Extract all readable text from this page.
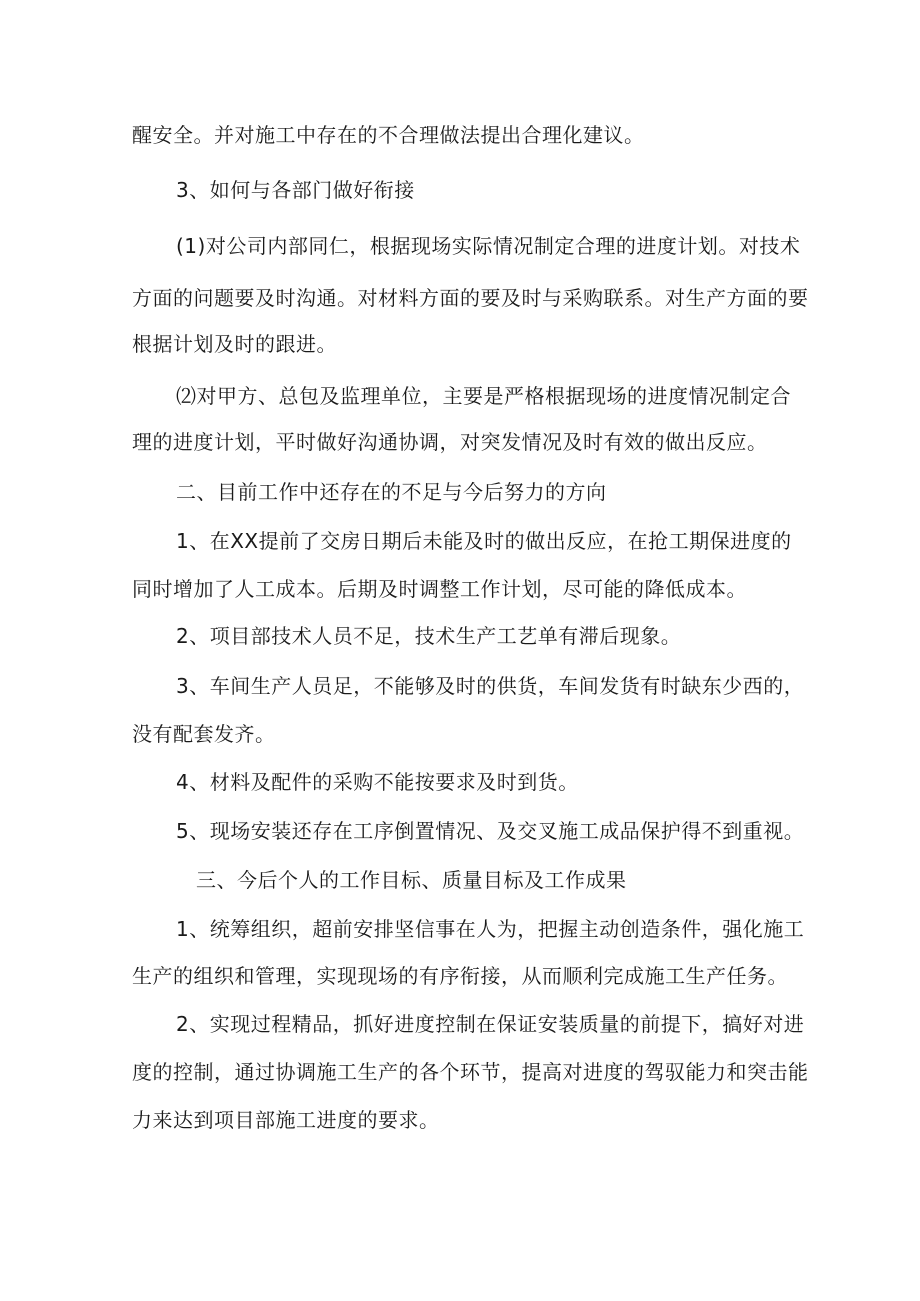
醒安全。并对施工中存在的不合理做法提出合理化建议。

3、如何与各部门做好衔接

(1)对公司内部同仁，根据现场实际情况制定合理的进度计划。对技术

方面的问题要及时沟通。对材料方面的要及时与采购联系。对生产方面的要

根据计划及时的跟进。

⑵对甲方、总包及监理单位，主要是严格根据现场的进度情况制定合

理的进度计划，平时做好沟通协调，对突发情况及时有效的做出反应。

二、目前工作中还存在的不足与今后努力的方向

1、在XX提前了交房日期后未能及时的做出反应，在抢工期保进度的

同时增加了人工成本。后期及时调整工作计划，尽可能的降低成本。

2、项目部技术人员不足，技术生产工艺单有滞后现象。

3、车间生产人员足，不能够及时的供货，车间发货有时缺东少西的，

没有配套发齐。

4、材料及配件的采购不能按要求及时到货。

5、现场安装还存在工序倒置情况、及交叉施工成品保护得不到重视。

三、今后个人的工作目标、质量目标及工作成果

1、统筹组织，超前安排坚信事在人为，把握主动创造条件，强化施工

生产的组织和管理，实现现场的有序衔接，从而顺利完成施工生产任务。

2、实现过程精品，抓好进度控制在保证安装质量的前提下，搞好对进

度的控制，通过协调施工生产的各个环节，提高对进度的驾驭能力和突击能

力来达到项目部施工进度的要求。
